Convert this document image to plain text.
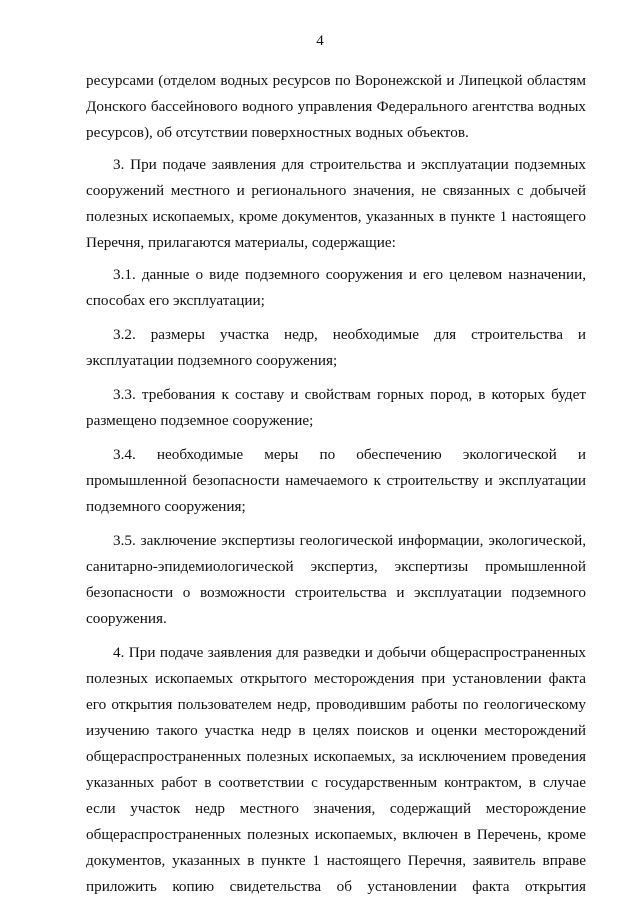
4

ресурсами (отделом водных ресурсов по Воронежской и Липецкой областям Донского бассейнового водного управления Федерального агентства водных ресурсов), об отсутствии поверхностных водных объектов.

3. При подаче заявления для строительства и эксплуатации подземных сооружений местного и регионального значения, не связанных с добычей полезных ископаемых, кроме документов, указанных в пункте 1 настоящего Перечня, прилагаются материалы, содержащие:

3.1. данные о виде подземного сооружения и его целевом назначении, способах его эксплуатации;

3.2. размеры участка недр, необходимые для строительства и эксплуатации подземного сооружения;

3.3. требования к составу и свойствам горных пород, в которых будет размещено подземное сооружение;

3.4. необходимые меры по обеспечению экологической и промышленной безопасности намечаемого к строительству и эксплуатации подземного сооружения;

3.5. заключение экспертизы геологической информации, экологической, санитарно-эпидемиологической экспертиз, экспертизы промышленной безопасности о возможности строительства и эксплуатации подземного сооружения.

4. При подаче заявления для разведки и добычи общераспространенных полезных ископаемых открытого месторождения при установлении факта его открытия пользователем недр, проводившим работы по геологическому изучению такого участка недр в целях поисков и оценки месторождений общераспространенных полезных ископаемых, за исключением проведения указанных работ в соответствии с государственным контрактом, в случае если участок недр местного значения, содержащий месторождение общераспространенных полезных ископаемых, включен в Перечень, кроме документов, указанных в пункте 1 настоящего Перечня, заявитель вправе приложить копию свидетельства об установлении факта открытия
